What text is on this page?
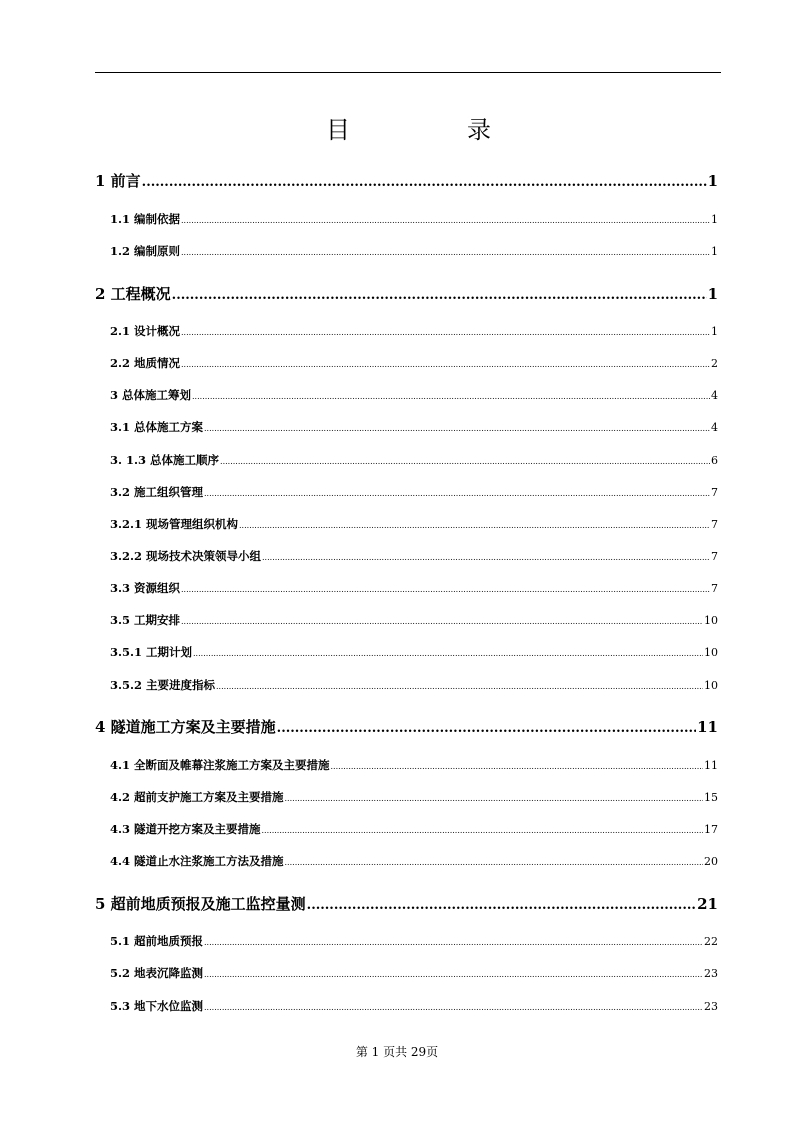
目	录
1 前言 .....	1
1.1 编制依据 .....	1
1.2 编制原则 .....	1
2 工程概况 .....	1
2.1 设计概况 .....	1
2.2 地质情况 .....	2
3 总体施工筹划 .....	4
3.1 总体施工方案 .....	4
3. 1.3 总体施工顺序 .....	6
3.2 施工组织管理 .....	7
3.2.1 现场管理组织机构 .....	7
3.2.2 现场技术决策领导小组 .....	7
3.3 资源组织 .....	7
3.5 工期安排 .....	10
3.5.1 工期计划 .....	10
3.5.2 主要进度指标 .....	10
4 隧道施工方案及主要措施 .....	11
4.1 全断面及帷幕注浆施工方案及主要措施 .....	11
4.2 超前支护施工方案及主要措施 .....	15
4.3 隧道开挖方案及主要措施 .....	17
4.4 隧道止水注浆施工方法及措施 .....	20
5 超前地质预报及施工监控量测 .....	21
5.1 超前地质预报 .....	22
5.2 地表沉降监测 .....	23
5.3 地下水位监测 .....	23
第 1 页共 29页
